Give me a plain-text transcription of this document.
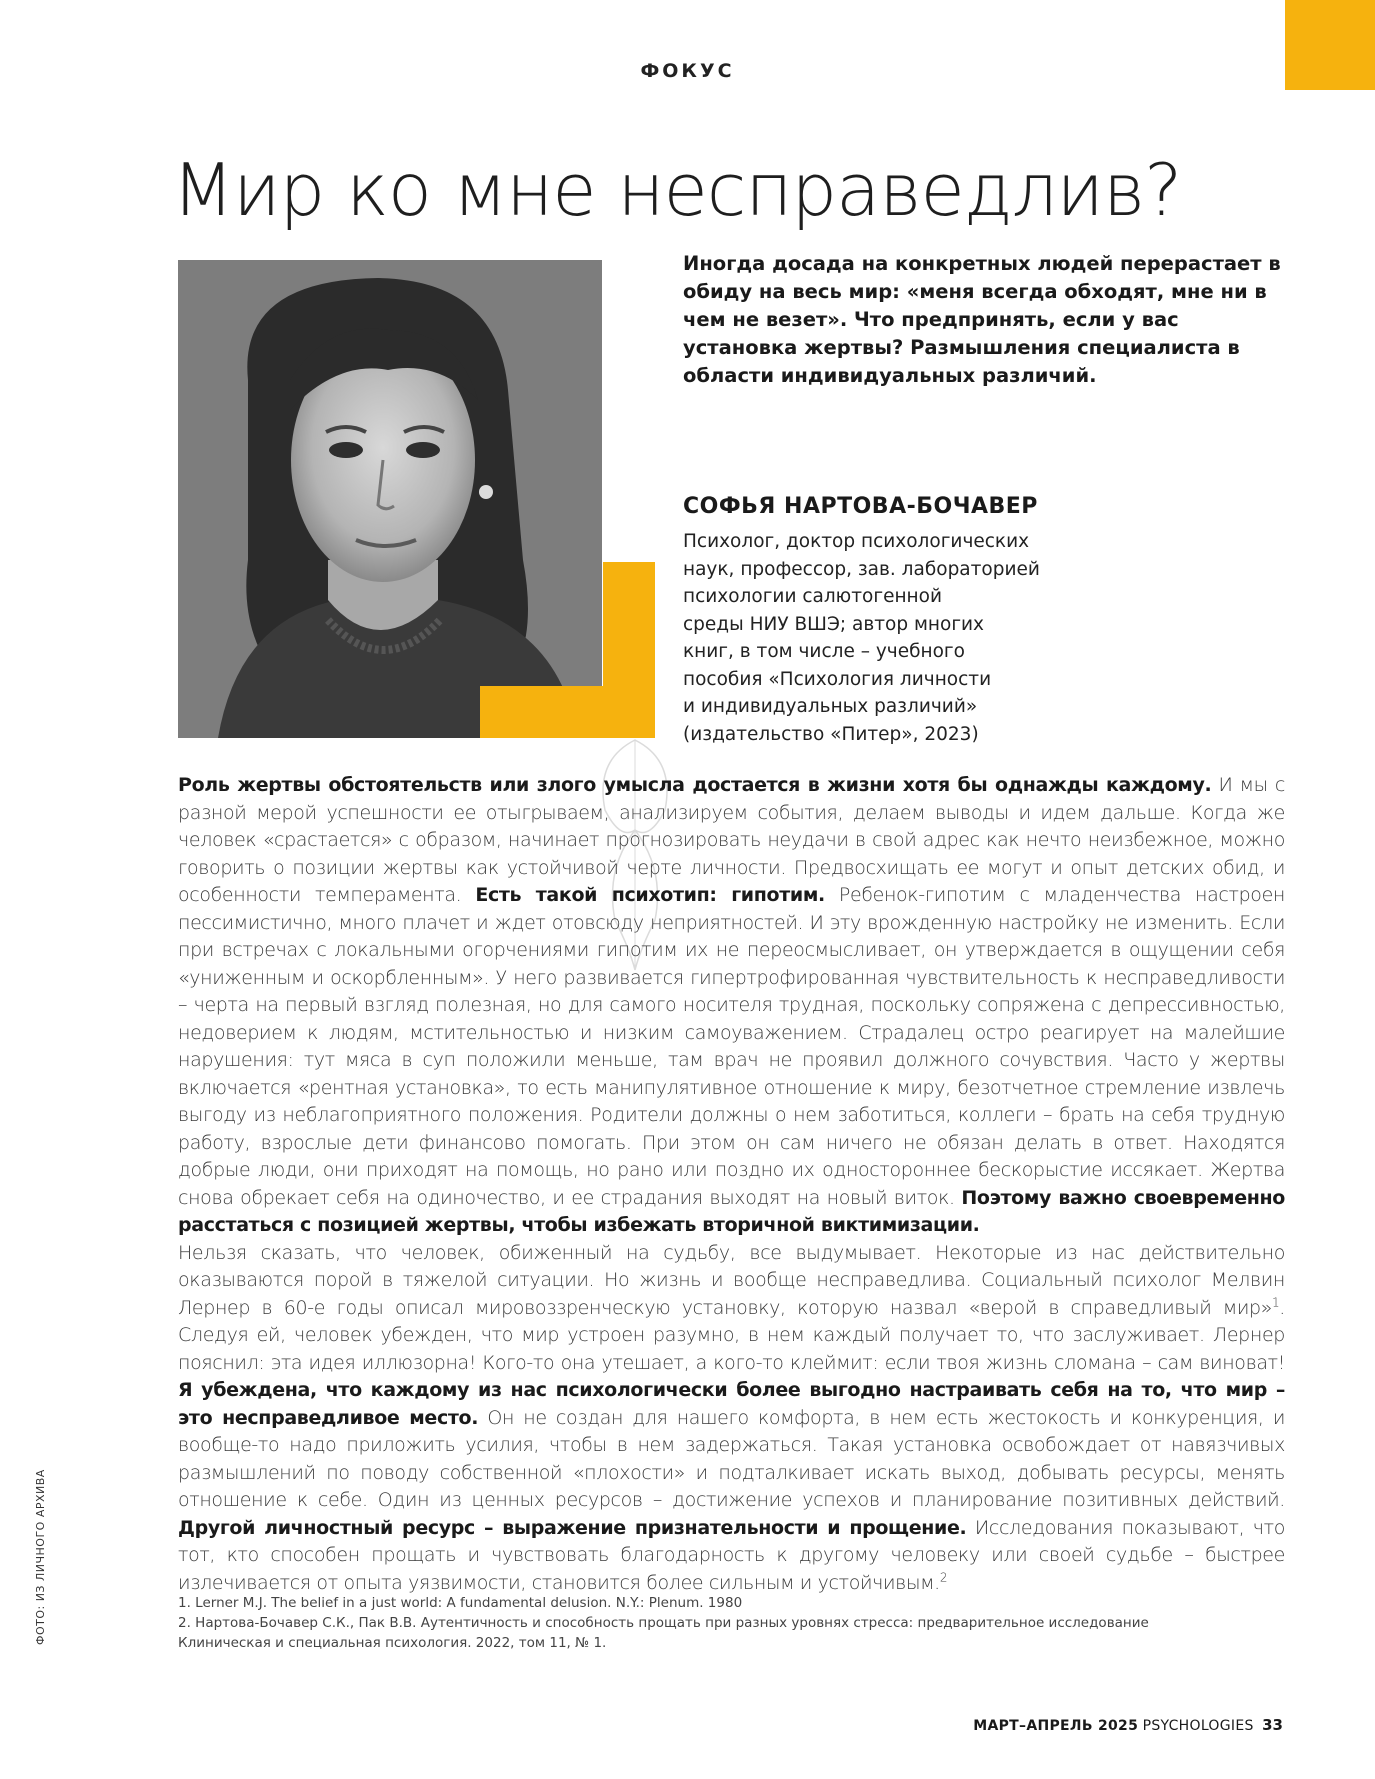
ФОКУС
Мир ко мне несправедлив?

Иногда досада на конкретных людей перерастает в обиду на весь мир: «меня всегда обходят, мне ни в чем не везет». Что предпринять, если у вас установка жертвы? Размышления специалиста в области индивидуальных различий.

СОФЬЯ НАРТОВА-БОЧАВЕР
Психолог, доктор психологических
наук, профессор, зав. лабораторией
психологии салютогенной
среды НИУ ВШЭ; автор многих
книг, в том числе – учебного
пособия «Психология личности
и индивидуальных различий»
(издательство «Питер», 2023)

Роль жертвы обстоятельств или злого умысла достается в жизни хотя бы однажды каждому. И мы с разной мерой успешности ее отыгрываем, анализируем события, делаем выводы и идем дальше. Когда же человек «срастается» с образом, начинает прогнозировать неудачи в свой адрес как нечто неизбежное, можно говорить о позиции жертвы как устойчивой черте личности. Предвосхищать ее могут и опыт детских обид, и особенности темперамента. Есть такой психотип: гипотим. Ребенок-гипотим с младенчества настроен пессимистично, много плачет и ждет отовсюду неприятностей. И эту врожденную настройку не изменить. Если при встречах с локальными огорчениями гипотим их не переосмысливает, он утверждается в ощущении себя «униженным и оскорбленным». У него развивается гипертрофированная чувствительность к несправедливости – черта на первый взгляд полезная, но для самого носителя трудная, поскольку сопряжена с депрессивностью, недоверием к людям, мстительностью и низким самоуважением. Страдалец остро реагирует на малейшие нарушения: тут мяса в суп положили меньше, там врач не проявил должного сочувствия. Часто у жертвы включается «рентная установка», то есть манипулятивное отношение к миру, безотчетное стремление извлечь выгоду из неблагоприятного положения. Родители должны о нем заботиться, коллеги – брать на себя трудную работу, взрослые дети финансово помогать. При этом он сам ничего не обязан делать в ответ. Находятся добрые люди, они приходят на помощь, но рано или поздно их одностороннее бескорыстие иссякает. Жертва снова обрекает себя на одиночество, и ее страдания выходят на новый виток. Поэтому важно своевременно расстаться с позицией жертвы, чтобы избежать вторичной виктимизации.

Нельзя сказать, что человек, обиженный на судьбу, все выдумывает. Некоторые из нас действительно оказываются порой в тяжелой ситуации. Но жизнь и вообще несправедлива. Социальный психолог Мелвин Лернер в 60-е годы описал мировоззренческую установку, которую назвал «верой в справедливый мир»$^1$. Следуя ей, человек убежден, что мир устроен разумно, в нем каждый получает то, что заслуживает. Лернер пояснил: эта идея иллюзорна! Кого-то она утешает, а кого-то клеймит: если твоя жизнь сломана – сам виноват! Я убеждена, что каждому из нас психологически более выгодно настраивать себя на то, что мир – это несправедливое место. Он не создан для нашего комфорта, в нем есть жестокость и конкуренция, и вообще-то надо приложить усилия, чтобы в нем задержаться. Такая установка освобождает от навязчивых размышлений по поводу собственной «плохости» и подталкивает искать выход, добывать ресурсы, менять отношение к себе. Один из ценных ресурсов – достижение успехов и планирование позитивных действий. Другой личностный ресурс – выражение признательности и прощение. Исследования показывают, что тот, кто способен прощать и чувствовать благодарность к другому человеку или своей судьбе – быстрее излечивается от опыта уязвимости, становится более сильным и устойчивым.$^2$

1. Lerner M.J. The belief in a just world: A fundamental delusion. N.Y.: Plenum. 1980
2. Нартова-Бочавер С.К., Пак В.В. Аутентичность и способность прощать при разных уровнях стресса: предварительное исследование
Клиническая и специальная психология. 2022, том 11, № 1.
ФОТО: ИЗ ЛИЧНОГО АРХИВА
МАРТ–АПРЕЛЬ 2025 PSYCHOLOGIES 33
